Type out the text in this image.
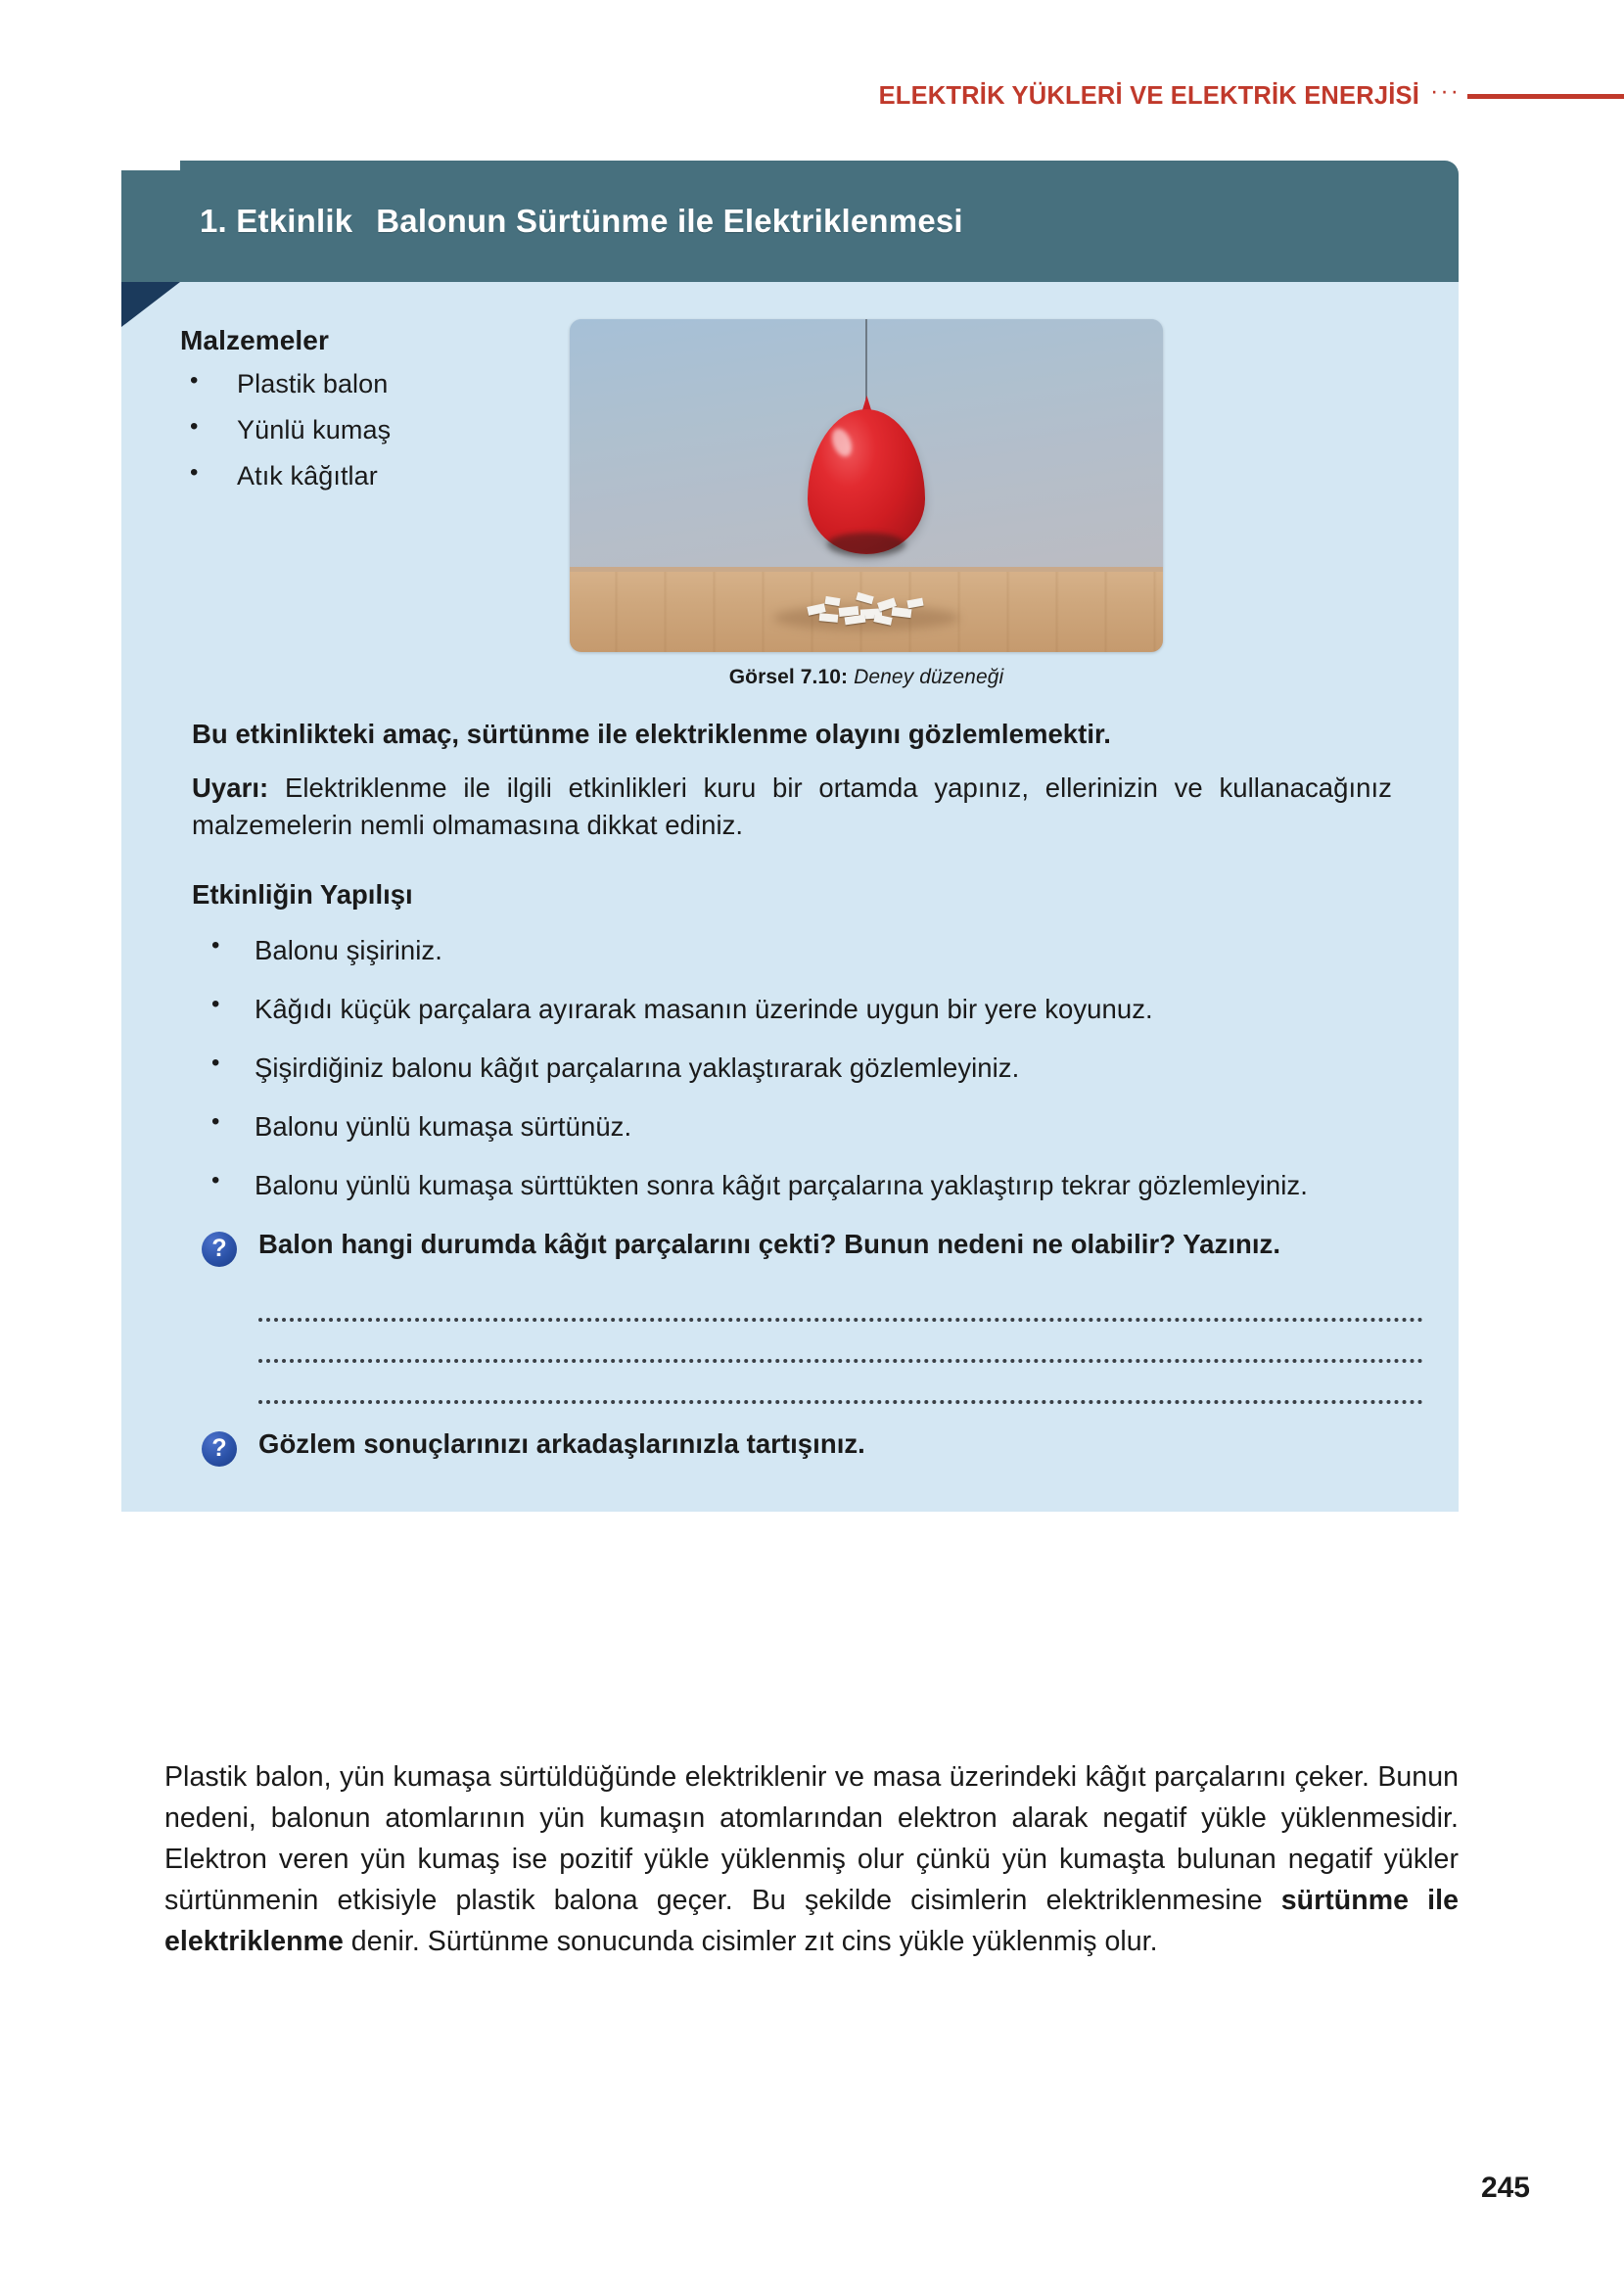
ELEKTRİK YÜKLERİ VE ELEKTRİK ENERJİSİ ···
1. Etkinlik Balonun Sürtünme ile Elektriklenmesi
Malzemeler
• Plastik balon
• Yünlü kumaş
• Atık kâğıtlar
Görsel 7.10: Deney düzeneği
Bu etkinlikteki amaç, sürtünme ile elektriklenme olayını gözlemlemektir.
Uyarı: Elektriklenme ile ilgili etkinlikleri kuru bir ortamda yapınız, ellerinizin ve kullanacağınız malzemelerin nemli olmamasına dikkat ediniz.
Etkinliğin Yapılışı
• Balonu şişiriniz.
• Kâğıdı küçük parçalara ayırarak masanın üzerinde uygun bir yere koyunuz.
• Şişirdiğiniz balonu kâğıt parçalarına yaklaştırarak gözlemleyiniz.
• Balonu yünlü kumaşa sürtünüz.
• Balonu yünlü kumaşa sürttükten sonra kâğıt parçalarına yaklaştırıp tekrar gözlemleyiniz.
?	Balon hangi durumda kâğıt parçalarını çekti? Bunun nedeni ne olabilir? Yazınız.
?	Gözlem sonuçlarınızı arkadaşlarınızla tartışınız.

Plastik balon, yün kumaşa sürtüldüğünde elektriklenir ve masa üzerindeki kâğıt parçalarını çeker. Bunun nedeni, balonun atomlarının yün kumaşın atomlarından elektron alarak negatif yükle yüklenmesidir. Elektron veren yün kumaş ise pozitif yükle yüklenmiş olur çünkü yün kumaşta bulunan negatif yükler sürtünmenin etkisiyle plastik balona geçer. Bu şekilde cisimlerin elektriklenmesine sürtünme ile elektriklenme denir. Sürtünme sonucunda cisimler zıt cins yükle yüklenmiş olur.

245
